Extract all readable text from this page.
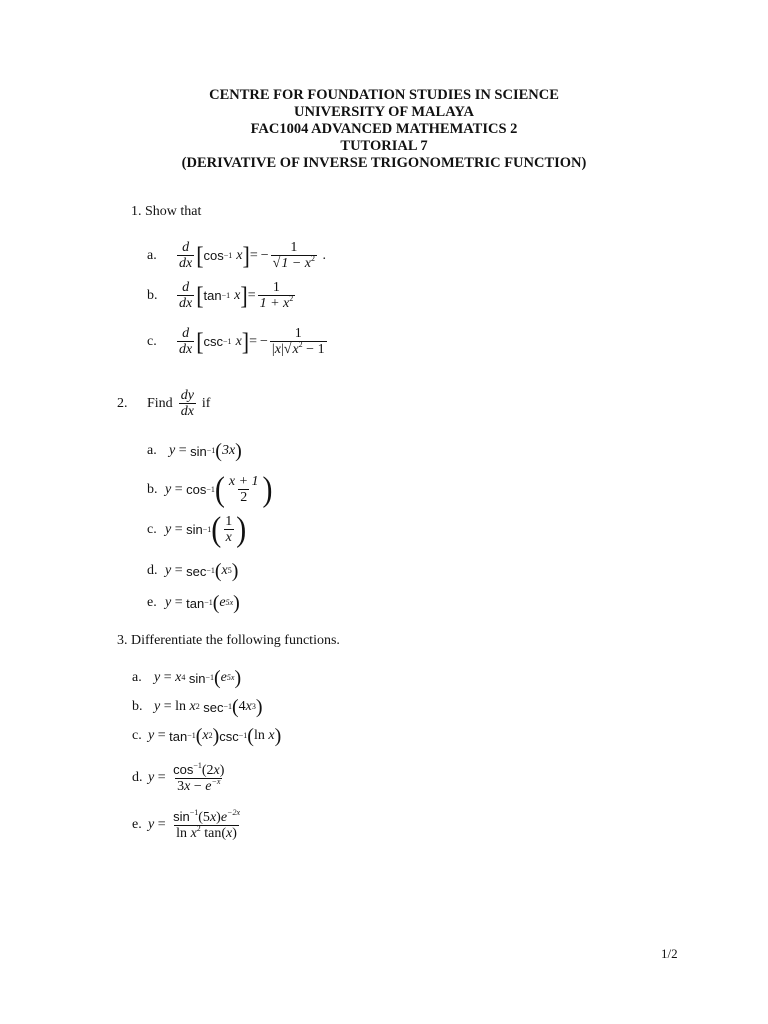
CENTRE FOR FOUNDATION STUDIES IN SCIENCE
UNIVERSITY OF MALAYA
FAC1004 ADVANCED MATHEMATICS 2
TUTORIAL 7
(DERIVATIVE OF INVERSE TRIGONOMETRIC FUNCTION)
1. Show that
a.	$\frac{d}{dx}$ [ cos −1 x ] = − $\frac{1}{√1 - x^2}$ .
b.	$\frac{d}{dx}$ [ tan −1 x ] = $\frac{1}{1 + x^2}$
c.	$\frac{d}{dx}$ [ csc −1 x ] = − $\frac{1}{|x|√x^2 - 1}$
2.	Find $\frac{dy}{dx}$ if
a. y
=
sin −1 ( 3x )
b. y
=
cos −1 ( $\frac{x + 1}{2}$ )
c. y
=
sin −1 ( $\frac{1}{x}$ )
d. y
=
sec −1 ( x 5 )
e. y
=
tan −1 ( e 5x )
3. Differentiate the following functions.
a. y = x 4
sin −1 ( e 5x )
b. y = ln
x 2
sec −1 ( 4 x 3 )
c. y = tan −1 ( x 2 ) csc −1 ( ln x )
d. $y = \frac{\cos^{-1}(2x)}{3x - e^{-x}}$
e. $y = \frac{\sin^{-1}(5x)e^{-2x}}{\ln x^2 \tan(x)}$
1/2
